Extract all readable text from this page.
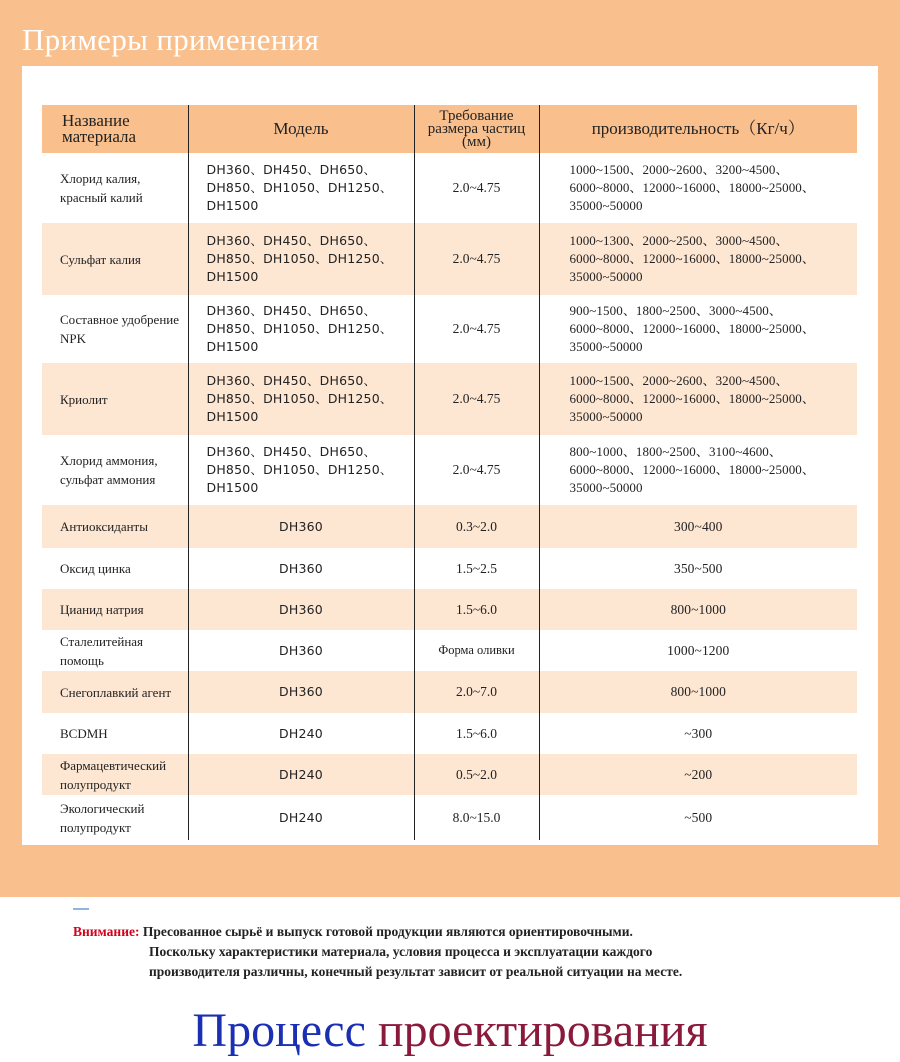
Примеры применения
Название материала	Модель	Требование размера частиц (мм)	производительность（Кг/ч）
Хлорид калия, красный калий	DH360、DH450、DH650、DH850、DH1050、DH1250、DH1500	2.0~4.75	1000~1500、2000~2600、3200~4500、6000~8000、12000~16000、18000~25000、35000~50000
Сульфат калия	DH360、DH450、DH650、DH850、DH1050、DH1250、DH1500	2.0~4.75	1000~1300、2000~2500、3000~4500、6000~8000、12000~16000、18000~25000、35000~50000
Составное удобрение NPK	DH360、DH450、DH650、DH850、DH1050、DH1250、DH1500	2.0~4.75	900~1500、1800~2500、3000~4500、6000~8000、12000~16000、18000~25000、35000~50000
Криолит	DH360、DH450、DH650、DH850、DH1050、DH1250、DH1500	2.0~4.75	1000~1500、2000~2600、3200~4500、6000~8000、12000~16000、18000~25000、35000~50000
Хлорид аммония, сульфат аммония	DH360、DH450、DH650、DH850、DH1050、DH1250、DH1500	2.0~4.75	800~1000、1800~2500、3100~4600、6000~8000、12000~16000、18000~25000、35000~50000
Антиоксиданты	DH360	0.3~2.0	300~400
Оксид цинка	DH360	1.5~2.5	350~500
Цианид натрия	DH360	1.5~6.0	800~1000
Сталелитейная помощь	DH360	Форма оливки	1000~1200
Снегоплавкий агент	DH360	2.0~7.0	800~1000
BCDMH	DH240	1.5~6.0	~300
Фармацевтический полупродукт	DH240	0.5~2.0	~200
Экологический полупродукт	DH240	8.0~15.0	~500
Внимание: Пресованное сырьё и выпуск готовой продукции являются ориентировочными.
Поскольку характеристики материала, условия процесса и эксплуатации каждого
производителя различны, конечный результат зависит от реальной ситуации на месте.
Процесс проектирования
